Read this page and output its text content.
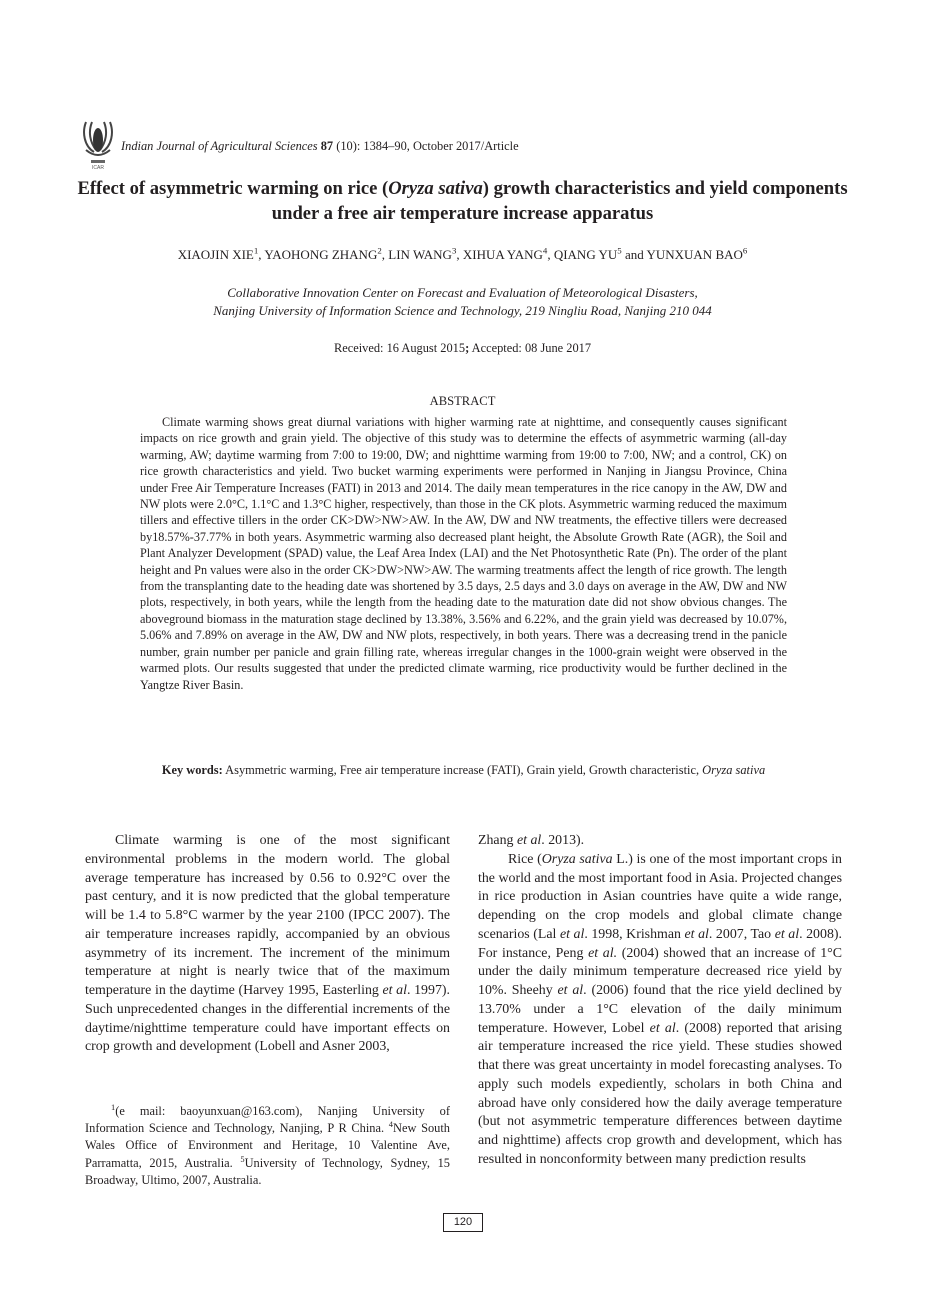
ICAR
Indian Journal of Agricultural Sciences 87 (10): 1384–90, October 2017/Article
Effect of asymmetric warming on rice (Oryza sativa) growth characteristics and yield components under a free air temperature increase apparatus
XIAOJIN XIE$^1$, YAOHONG ZHANG$^2$, LIN WANG$^3$, XIHUA YANG$^4$, QIANG $YU^5$ and YUNXUAN BAO$^6$
Collaborative Innovation Center on Forecast and Evaluation of Meteorological Disasters,
Nanjing University of Information Science and Technology, 219 Ningliu Road, Nanjing 210 044
Received: 16 August 2015; Accepted: 08 June 2017
ABSTRACT
Climate warming shows great diurnal variations with higher warming rate at nighttime, and consequently causes significant impacts on rice growth and grain yield. The objective of this study was to determine the effects of asymmetric warming (all-day warming, AW; daytime warming from 7:00 to 19:00, DW; and nighttime warming from 19:00 to 7:00, NW; and a control, CK) on rice growth characteristics and yield. Two bucket warming experiments were performed in Nanjing in Jiangsu Province, China under Free Air Temperature Increases (FATI) in 2013 and 2014. The daily mean temperatures in the rice canopy in the AW, DW and NW plots were 2.0°C, 1.1°C and 1.3°C higher, respectively, than those in the CK plots. Asymmetric warming reduced the maximum tillers and effective tillers in the order CK>DW>NW>AW. In the AW, DW and NW treatments, the effective tillers were decreased by18.57%-37.77% in both years. Asymmetric warming also decreased plant height, the Absolute Growth Rate (AGR), the Soil and Plant Analyzer Development (SPAD) value, the Leaf Area Index (LAI) and the Net Photosynthetic Rate (Pn). The order of the plant height and Pn values were also in the order CK>DW>NW>AW. The warming treatments affect the length of rice growth. The length from the transplanting date to the heading date was shortened by 3.5 days, 2.5 days and 3.0 days on average in the AW, DW and NW plots, respectively, in both years, while the length from the heading date to the maturation date did not show obvious changes. The aboveground biomass in the maturation stage declined by 13.38%, 3.56% and 6.22%, and the grain yield was decreased by 10.07%, 5.06% and 7.89% on average in the AW, DW and NW plots, respectively, in both years. There was a decreasing trend in the panicle number, grain number per panicle and grain filling rate, whereas irregular changes in the 1000-grain weight were observed in the warmed plots. Our results suggested that under the predicted climate warming, rice productivity would be further declined in the Yangtze River Basin.
Key words: Asymmetric warming, Free air temperature increase (FATI), Grain yield, Growth characteristic, Oryza sativa

Climate warming is one of the most significant environmental problems in the modern world. The global average temperature has increased by 0.56 to 0.92°C over the past century, and it is now predicted that the global temperature will be 1.4 to 5.8°C warmer by the year 2100 (IPCC 2007). The air temperature increases rapidly, accompanied by an obvious asymmetry of its increment. The increment of the minimum temperature at night is nearly twice that of the maximum temperature in the daytime (Harvey 1995, Easterling et al. 1997). Such unprecedented changes in the differential increments of the daytime/nighttime temperature could have important effects on crop growth and development (Lobell and Asner 2003,

$^1$(e mail: baoyunxuan@163.com), Nanjing University of Information Science and Technology, Nanjing, P R China. $^4$New South Wales Office of Environment and Heritage, 10 Valentine Ave, Parramatta, 2015, Australia. $^5$University of Technology, Sydney, 15 Broadway, Ultimo, 2007, Australia.

Zhang et al. 2013).

Rice (Oryza sativa L.) is one of the most important crops in the world and the most important food in Asia. Projected changes in rice production in Asian countries have quite a wide range, depending on the crop models and global climate change scenarios (Lal et al. 1998, Krishman et al. 2007, Tao et al. 2008). For instance, Peng et al. (2004) showed that an increase of 1°C under the daily minimum temperature decreased rice yield by 10%. Sheehy et al. (2006) found that the rice yield declined by 13.70% under a 1°C elevation of the daily minimum temperature. However, Lobel et al. (2008) reported that arising air temperature increased the rice yield. These studies showed that there was great uncertainty in model forecasting analyses. To apply such models expediently, scholars in both China and abroad have only considered how the daily average temperature (but not asymmetric temperature differences between daytime and nighttime) affects crop growth and development, which has resulted in nonconformity between many prediction results

120
